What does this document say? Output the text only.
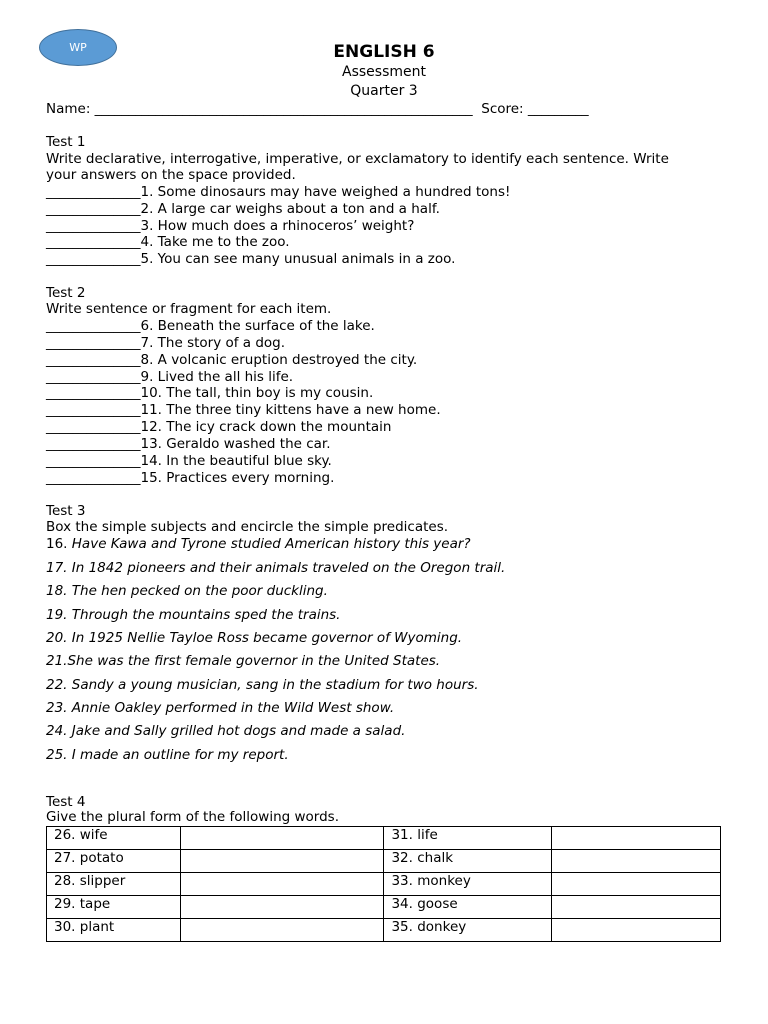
WP	ENGLISH 6
Assessment
Quarter 3
Name: ________________________________________________________  Score: _________
Test 1
Write declarative, interrogative, imperative, or exclamatory to identify each sentence. Write
your answers on the space provided.
______________1. Some dinosaurs may have weighed a hundred tons!
______________2. A large car weighs about a ton and a half.
______________3. How much does a rhinoceros’ weight?
______________4. Take me to the zoo.
______________5. You can see many unusual animals in a zoo.
Test 2
Write sentence or fragment for each item.
______________6. Beneath the surface of the lake.
______________7. The story of a dog.
______________8. A volcanic eruption destroyed the city.
______________9. Lived the all his life.
______________10. The tall, thin boy is my cousin.
______________11. The three tiny kittens have a new home.
______________12. The icy crack down the mountain
______________13. Geraldo washed the car.
______________14. In the beautiful blue sky.
______________15. Practices every morning.
Test 3
Box the simple subjects and encircle the simple predicates.
16. Have Kawa and Tyrone studied American history this year?
17. In 1842 pioneers and their animals traveled on the Oregon trail.
18. The hen pecked on the poor duckling.
19. Through the mountains sped the trains.
20. In 1925 Nellie Tayloe Ross became governor of Wyoming.
21.She was the first female governor in the United States.
22. Sandy a young musician, sang in the stadium for two hours.
23. Annie Oakley performed in the Wild West show.
24. Jake and Sally grilled hot dogs and made a salad.
25. I made an outline for my report.
Test 4
Give the plural form of the following words.
26. wife		31. life	
27. potato		32. chalk	
28. slipper		33. monkey	
29. tape		34. goose	
30. plant		35. donkey	
